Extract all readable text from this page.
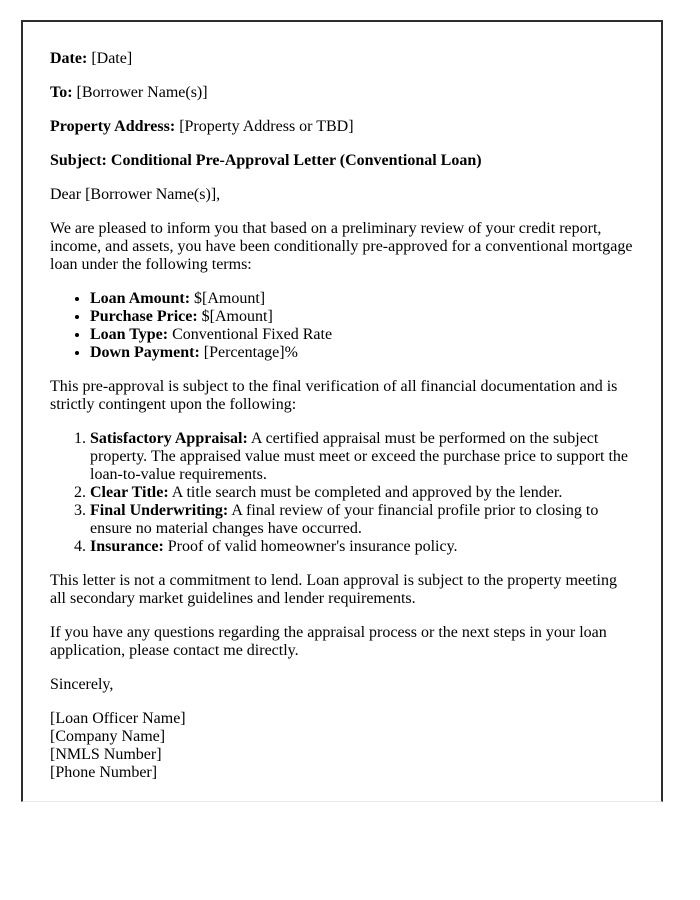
Date: [Date]

To: [Borrower Name(s)]

Property Address: [Property Address or TBD]

Subject: Conditional Pre-Approval Letter (Conventional Loan)

Dear [Borrower Name(s)],

We are pleased to inform you that based on a preliminary review of your credit report, income, and assets, you have been conditionally pre-approved for a conventional mortgage loan under the following terms:

• Loan Amount: $[Amount]
• Purchase Price: $[Amount]
• Loan Type: Conventional Fixed Rate
• Down Payment: [Percentage]%

This pre-approval is subject to the final verification of all financial documentation and is strictly contingent upon the following:

1. Satisfactory Appraisal: A certified appraisal must be performed on the subject property. The appraised value must meet or exceed the purchase price to support the loan-to-value requirements.
2. Clear Title: A title search must be completed and approved by the lender.
3. Final Underwriting: A final review of your financial profile prior to closing to ensure no material changes have occurred.
4. Insurance: Proof of valid homeowner's insurance policy.

This letter is not a commitment to lend. Loan approval is subject to the property meeting all secondary market guidelines and lender requirements.

If you have any questions regarding the appraisal process or the next steps in your loan application, please contact me directly.

Sincerely,

[Loan Officer Name]
[Company Name]
[NMLS Number]
[Phone Number]
